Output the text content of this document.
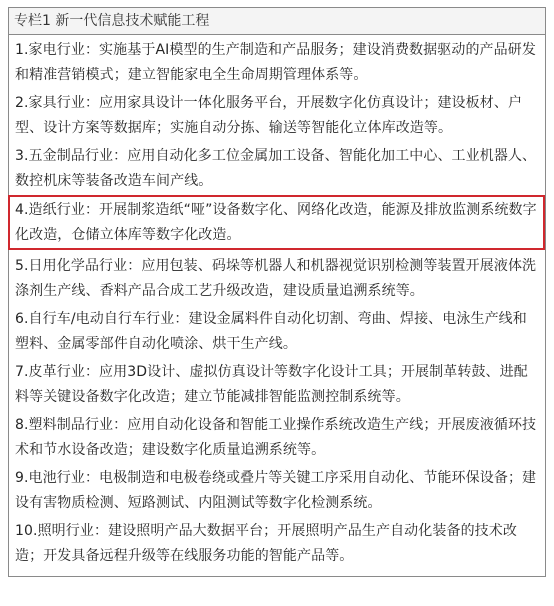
专栏1 新一代信息技术赋能工程
1.家电行业：实施基于AI模型的生产制造和产品服务；建设消费数据驱动的产品研发和精准营销模式；建立智能家电全生命周期管理体系等。
2.家具行业：应用家具设计一体化服务平台，开展数字化仿真设计；建设板材、户型、设计方案等数据库；实施自动分拣、输送等智能化立体库改造等。
3.五金制品行业：应用自动化多工位金属加工设备、智能化加工中心、工业机器人、数控机床等装备改造车间产线。
4.造纸行业：开展制浆造纸“哑”设备数字化、网络化改造，能源及排放监测系统数字化改造，仓储立体库等数字化改造。
5.日用化学品行业：应用包装、码垛等机器人和机器视觉识别检测等装置开展液体洗涤剂生产线、香料产品合成工艺升级改造，建设质量追溯系统等。
6.自行车/电动自行车行业：建设金属料件自动化切割、弯曲、焊接、电泳生产线和塑料、金属零部件自动化喷涂、烘干生产线。
7.皮革行业：应用3D设计、虚拟仿真设计等数字化设计工具；开展制革转鼓、进配料等关键设备数字化改造；建立节能减排智能监测控制系统等。
8.塑料制品行业：应用自动化设备和智能工业操作系统改造生产线；开展废液循环技术和节水设备改造；建设数字化质量追溯系统等。
9.电池行业：电极制造和电极卷绕或叠片等关键工序采用自动化、节能环保设备；建设有害物质检测、短路测试、内阻测试等数字化检测系统。
10.照明行业：建设照明产品大数据平台；开展照明产品生产自动化装备的技术改造；开发具备远程升级等在线服务功能的智能产品等。
